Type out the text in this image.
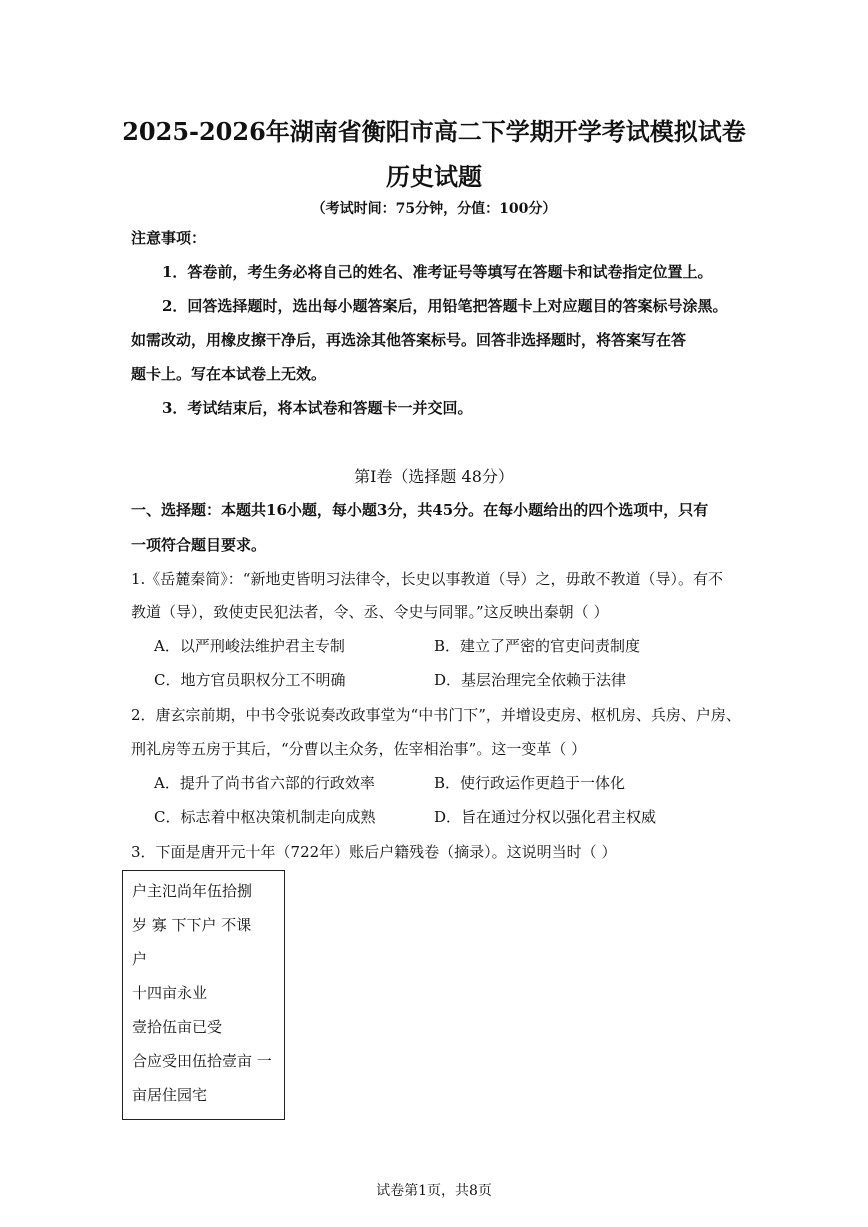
2025-2026年湖南省衡阳市高二下学期开学考试模拟试卷
历史试题
（考试时间：75分钟，分值：100分）
注意事项：
1．答卷前，考生务必将自己的姓名、准考证号等填写在答题卡和试卷指定位置上。
2．回答选择题时，选出每小题答案后，用铅笔把答题卡上对应题目的答案标号涂黑。
如需改动，用橡皮擦干净后，再选涂其他答案标号。回答非选择题时，将答案写在答
题卡上。写在本试卷上无效。
3．考试结束后，将本试卷和答题卡一并交回。
第Ⅰ卷（选择题 48分）
一、选择题：本题共16小题，每小题3分，共45分。在每小题给出的四个选项中，只有
一项符合题目要求。
1.《岳麓秦简》：“新地吏皆明习法律令，长史以事教道（导）之，毋敢不教道（导）。有不
教道（导），致使吏民犯法者，令、丞、令史与同罪。”这反映出秦朝（ ）
A．以严刑峻法维护君主专制	B．建立了严密的官吏问责制度
C．地方官员职权分工不明确	D．基层治理完全依赖于法律
2．唐玄宗前期，中书令张说奏改政事堂为“中书门下”，并增设吏房、枢机房、兵房、户房、
刑礼房等五房于其后，“分曹以主众务，佐宰相治事”。这一变革（ ）
A．提升了尚书省六部的行政效率	B．使行政运作更趋于一体化
C．标志着中枢决策机制走向成熟	D．旨在通过分权以强化君主权威
3．下面是唐开元十年（722年）账后户籍残卷（摘录）。这说明当时（ ）
户主氾尚年伍拾捌
岁 寡 下下户 不课
户
十四亩永业
壹拾伍亩已受
合应受田伍拾壹亩 一
亩居住园宅
试卷第1页，共8页
